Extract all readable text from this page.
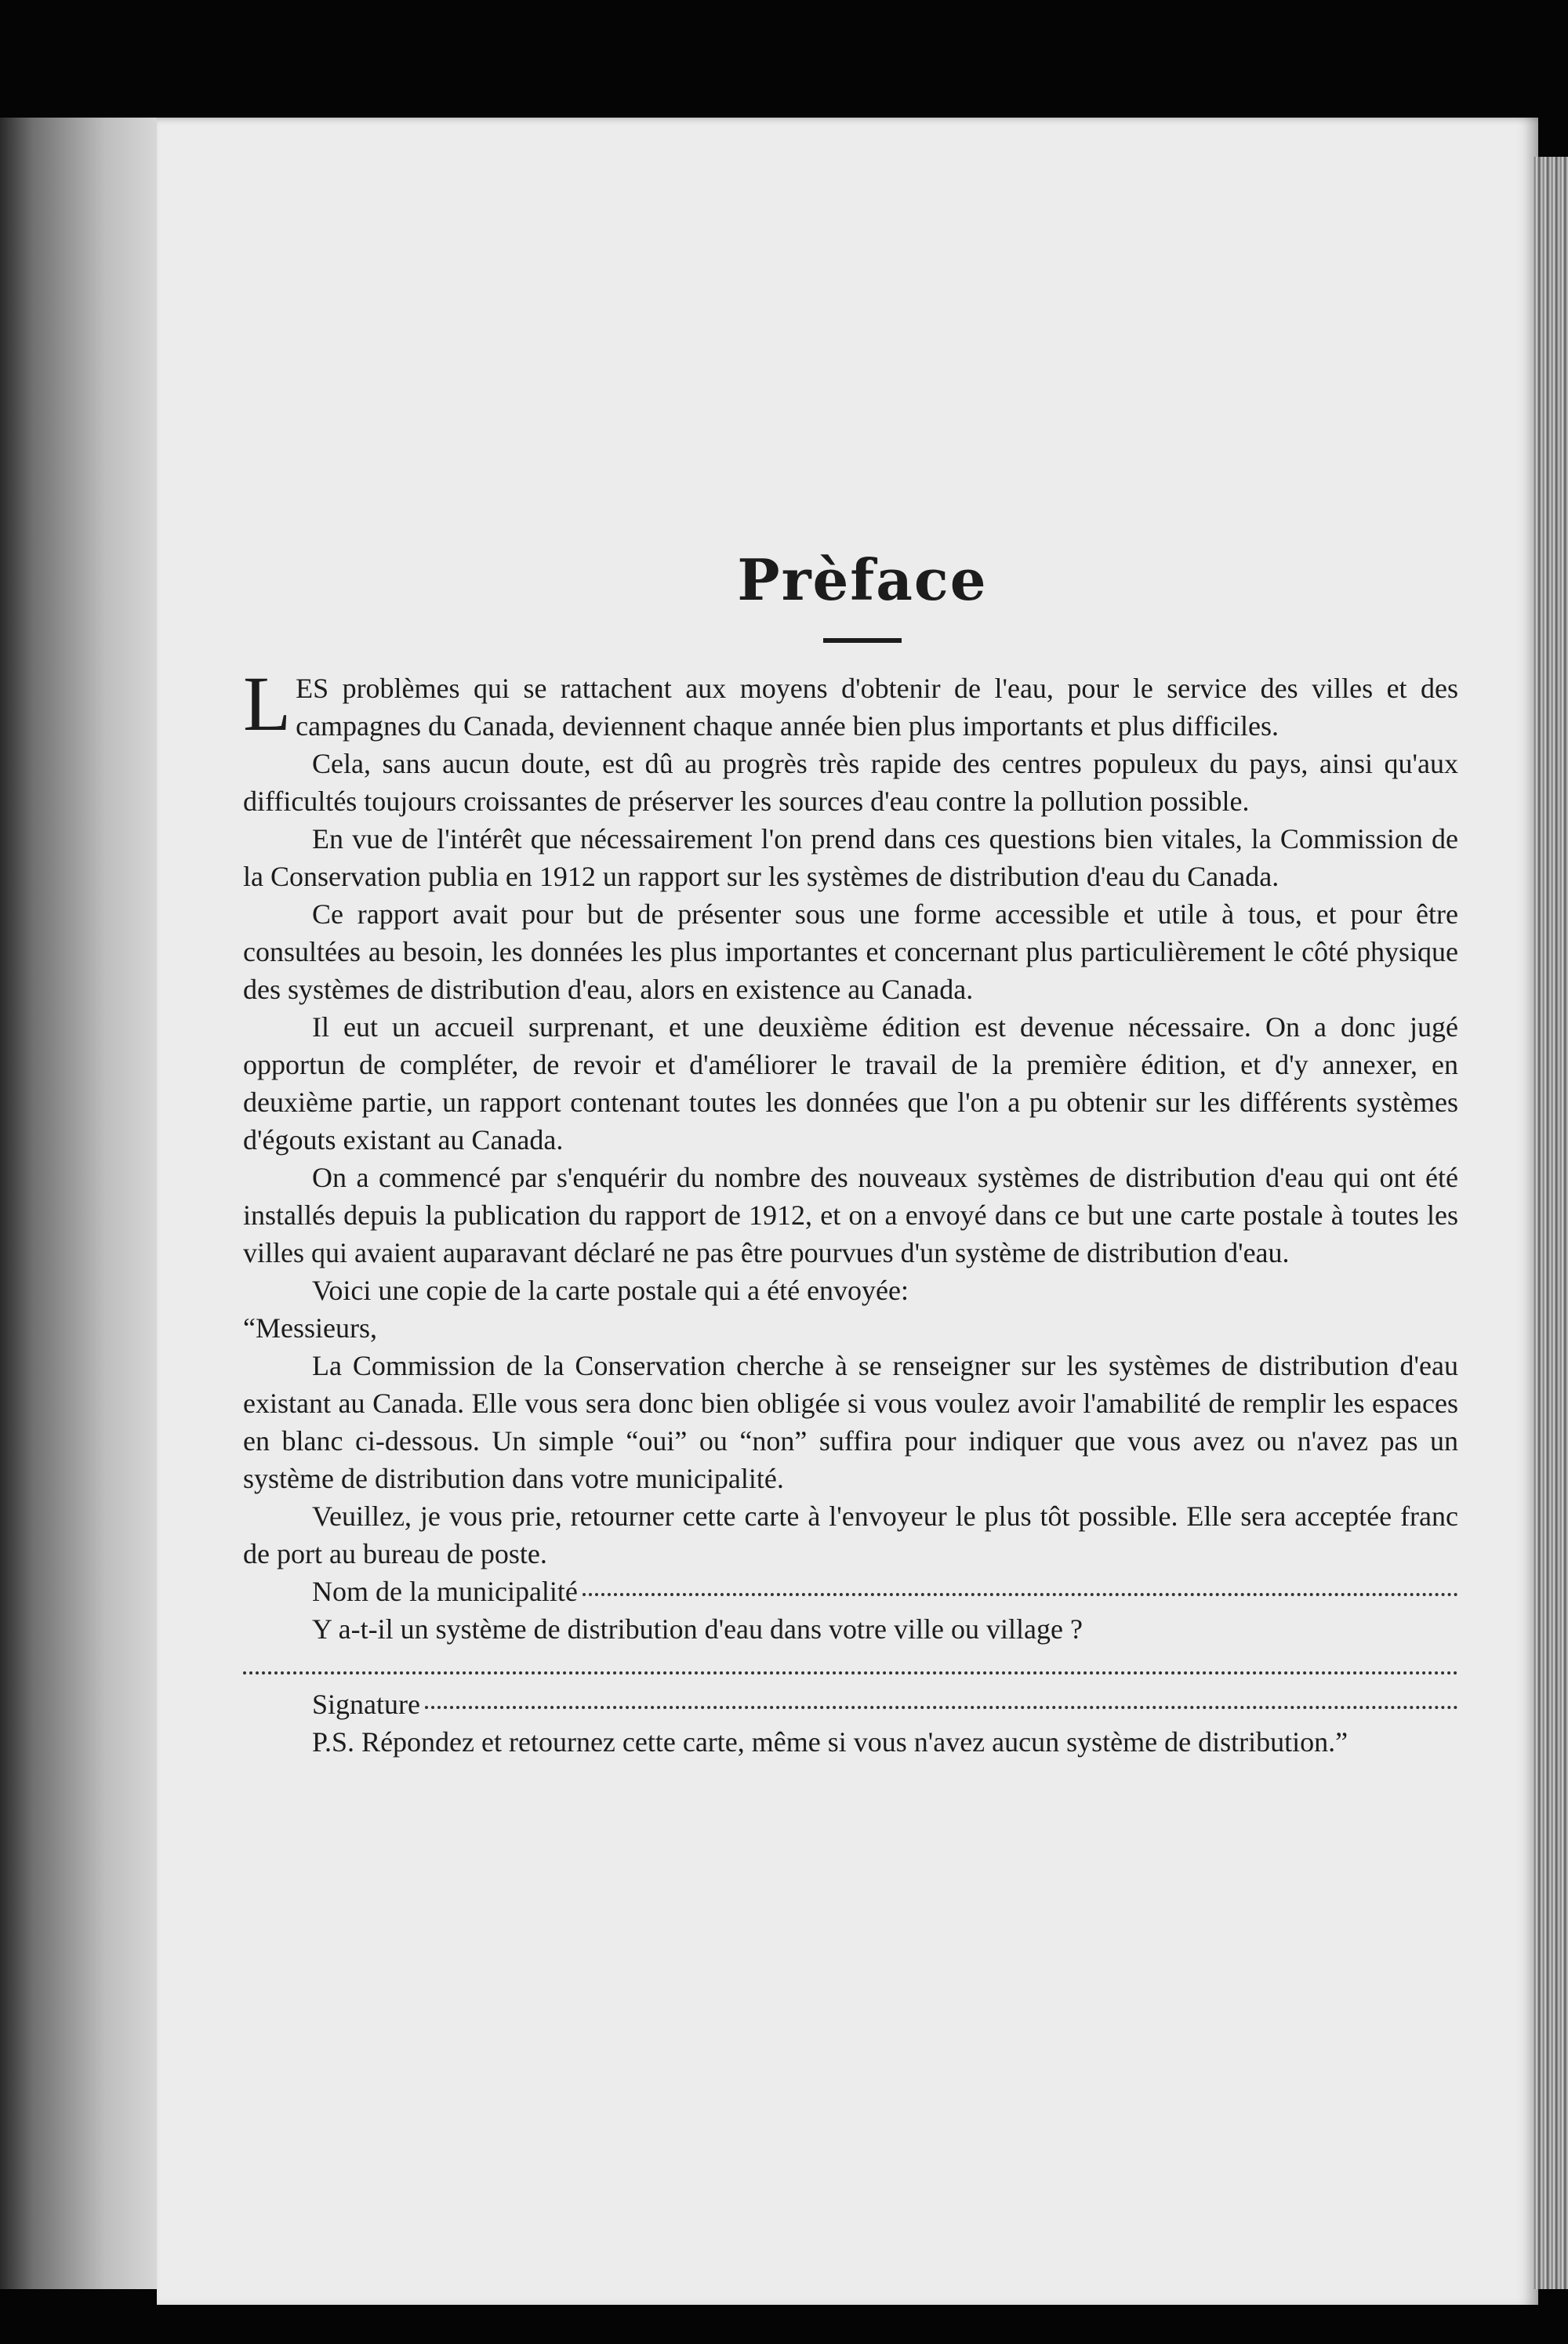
Prèface

LES problèmes qui se rattachent aux moyens d'obtenir de l'eau, pour le service des villes et des campagnes du Canada, deviennent chaque année bien plus importants et plus difficiles.

Cela, sans aucun doute, est dû au progrès très rapide des centres populeux du pays, ainsi qu'aux difficultés toujours croissantes de préserver les sources d'eau contre la pollution possible.

En vue de l'intérêt que nécessairement l'on prend dans ces questions bien vitales, la Commission de la Conservation publia en 1912 un rapport sur les systèmes de distribution d'eau du Canada.

Ce rapport avait pour but de présenter sous une forme accessible et utile à tous, et pour être consultées au besoin, les données les plus importantes et concernant plus particulièrement le côté physique des systèmes de distribution d'eau, alors en existence au Canada.

Il eut un accueil surprenant, et une deuxième édition est devenue nécessaire. On a donc jugé opportun de compléter, de revoir et d'améliorer le travail de la première édition, et d'y annexer, en deuxième partie, un rapport contenant toutes les données que l'on a pu obtenir sur les différents systèmes d'égouts existant au Canada.

On a commencé par s'enquérir du nombre des nouveaux systèmes de distribution d'eau qui ont été installés depuis la publication du rapport de 1912, et on a envoyé dans ce but une carte postale à toutes les villes qui avaient auparavant déclaré ne pas être pourvues d'un système de distribution d'eau.

Voici une copie de la carte postale qui a été envoyée:

“Messieurs,

La Commission de la Conservation cherche à se renseigner sur les systèmes de distribution d'eau existant au Canada. Elle vous sera donc bien obligée si vous voulez avoir l'amabilité de remplir les espaces en blanc ci-dessous. Un simple “oui” ou “non” suffira pour indiquer que vous avez ou n'avez pas un système de distribution dans votre municipalité.

Veuillez, je vous prie, retourner cette carte à l'envoyeur le plus tôt possible. Elle sera acceptée franc de port au bureau de poste.

Nom de la municipalité

Y a-t-il un système de distribution d'eau dans votre ville ou village ?

Signature

P.S. Répondez et retournez cette carte, même si vous n'avez aucun système de distribution.”
